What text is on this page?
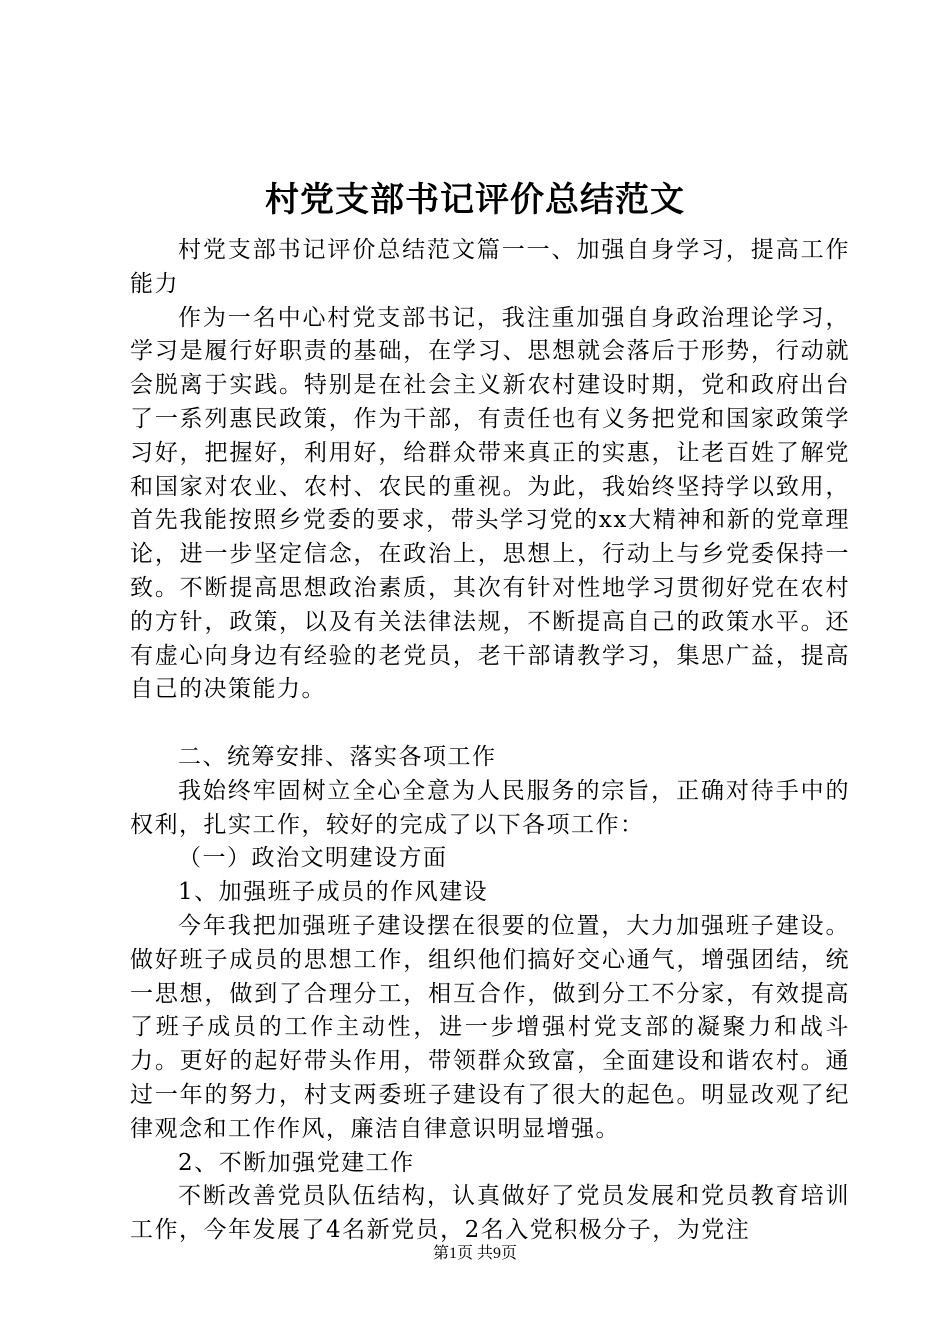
村党支部书记评价总结范文

村党支部书记评价总结范文篇一一、加强自身学习，提高工作能力

作为一名中心村党支部书记，我注重加强自身政治理论学习，学习是履行好职责的基础，在学习、思想就会落后于形势，行动就会脱离于实践。特别是在社会主义新农村建设时期，党和政府出台了一系列惠民政策，作为干部，有责任也有义务把党和国家政策学习好，把握好，利用好，给群众带来真正的实惠，让老百姓了解党和国家对农业、农村、农民的重视。为此，我始终坚持学以致用，首先我能按照乡党委的要求，带头学习党的xx大精神和新的党章理论，进一步坚定信念，在政治上，思想上，行动上与乡党委保持一致。不断提高思想政治素质，其次有针对性地学习贯彻好党在农村的方针，政策，以及有关法律法规，不断提高自己的政策水平。还有虚心向身边有经验的老党员，老干部请教学习，集思广益，提高自己的决策能力。

二、统筹安排、落实各项工作

我始终牢固树立全心全意为人民服务的宗旨，正确对待手中的权利，扎实工作，较好的完成了以下各项工作：

（一）政治文明建设方面

1、加强班子成员的作风建设

今年我把加强班子建设摆在很要的位置，大力加强班子建设。做好班子成员的思想工作，组织他们搞好交心通气，增强团结，统一思想，做到了合理分工，相互合作，做到分工不分家，有效提高了班子成员的工作主动性，进一步增强村党支部的凝聚力和战斗力。更好的起好带头作用，带领群众致富，全面建设和谐农村。通过一年的努力，村支两委班子建设有了很大的起色。明显改观了纪律观念和工作作风，廉洁自律意识明显增强。

2、不断加强党建工作

不断改善党员队伍结构，认真做好了党员发展和党员教育培训工作，今年发展了4名新党员，2名入党积极分子，为党注

第1页 共9页
